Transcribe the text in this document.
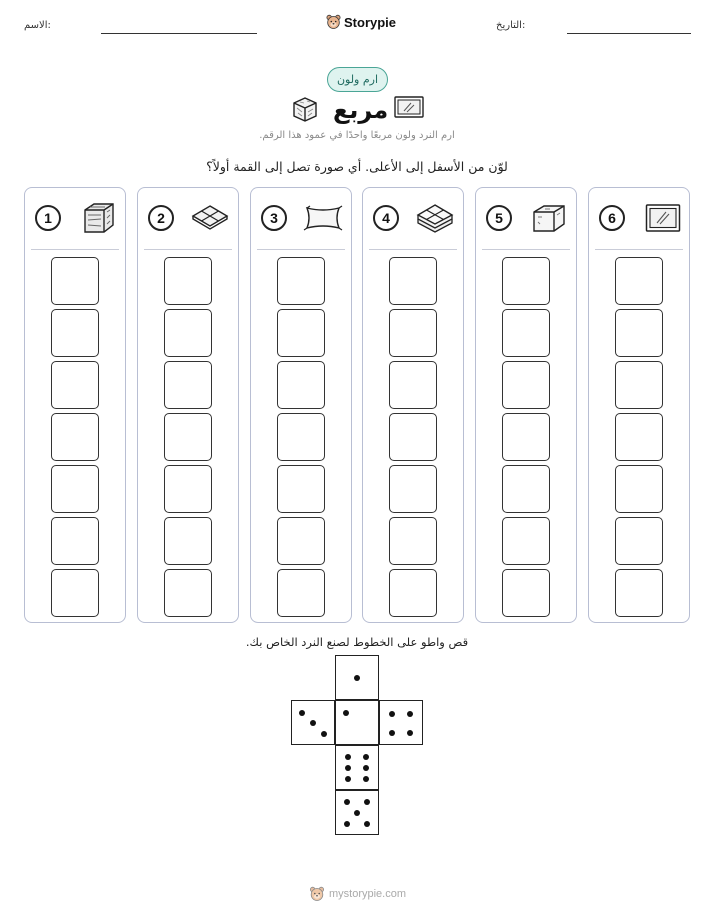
الاسم:	Storypie	التاريخ:
ارم ولون
مربع
ارم النرد ولون مربعًا واحدًا في عمود هذا الرقم.
لوّن من الأسفل إلى الأعلى. أي صورة تصل إلى القمة أولاً؟
1	2	3	4	5	6
قص واطو على الخطوط لصنع النرد الخاص بك.
mystorypie.com
